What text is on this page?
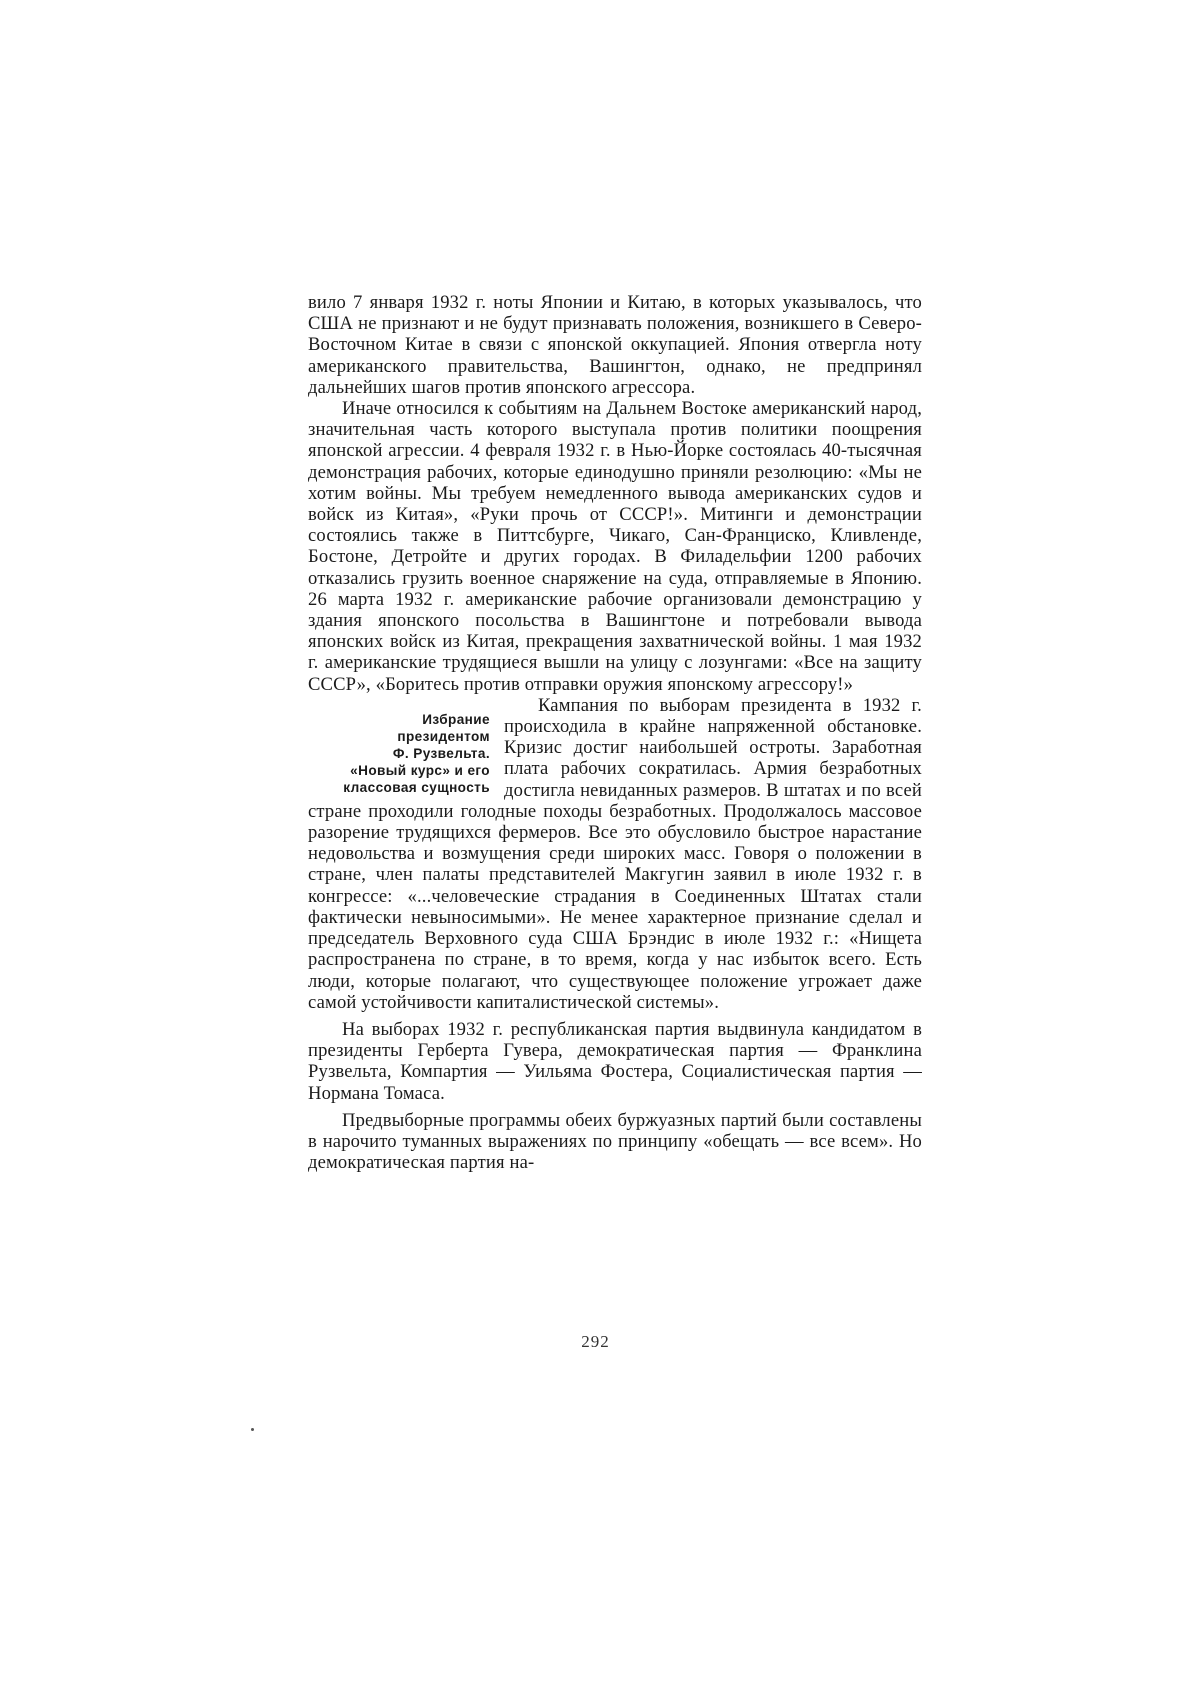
вило 7 января 1932 г. ноты Японии и Китаю, в которых указывалось, что США не признают и не будут признавать положения, возникшего в Северо-Восточном Китае в связи с японской оккупацией. Япония отвергла ноту американского правительства, Вашингтон, однако, не предпринял дальнейших шагов против японского агрессора.

Иначе относился к событиям на Дальнем Востоке американский народ, значительная часть которого выступала против политики поощрения японской агрессии. 4 февраля 1932 г. в Нью-Йорке состоялась 40-тысячная демонстрация рабочих, которые единодушно приняли резолюцию: «Мы не хотим войны. Мы требуем немедленного вывода американских судов и войск из Китая», «Руки прочь от СССР!». Митинги и демонстрации состоялись также в Питтсбурге, Чикаго, Сан-Франциско, Кливленде, Бостоне, Детройте и других городах. В Филадельфии 1200 рабочих отказались грузить военное снаряжение на суда, отправляемые в Японию. 26 марта 1932 г. американские рабочие организовали демонстрацию у здания японского посольства в Вашингтоне и потребовали вывода японских войск из Китая, прекращения захватнической войны. 1 мая 1932 г. американские трудящиеся вышли на улицу с лозунгами: «Все на защиту СССР», «Боритесь против отправки оружия японскому агрессору!»

Избрание
президентом
Ф. Рузвельта.
«Новый курс» и его
классовая сущность

Кампания по выборам президента в 1932 г. происходила в крайне напряженной обстановке. Кризис достиг наибольшей остроты. Заработная плата рабочих сократилась. Армия безработных достигла невиданных размеров. В штатах и по всей стране проходили голодные походы безработных. Продолжалось массовое разорение трудящихся фермеров. Все это обусловило быстрое нарастание недовольства и возмущения среди широких масс. Говоря о положении в стране, член палаты представителей Макгугин заявил в июле 1932 г. в конгрессе: «...человеческие страдания в Соединенных Штатах стали фактически невыносимыми». Не менее характерное признание сделал и председатель Верховного суда США Брэндис в июле 1932 г.: «Нищета распространена по стране, в то время, когда у нас избыток всего. Есть люди, которые полагают, что существующее положение угрожает даже самой устойчивости капиталистической системы».

На выборах 1932 г. республиканская партия выдвинула кандидатом в президенты Герберта Гувера, демократическая партия — Франклина Рузвельта, Компартия — Уильяма Фостера, Социалистическая партия — Нормана Томаса.

Предвыборные программы обеих буржуазных партий были составлены в нарочито туманных выражениях по принципу «обещать — все всем». Но демократическая партия на-

292
